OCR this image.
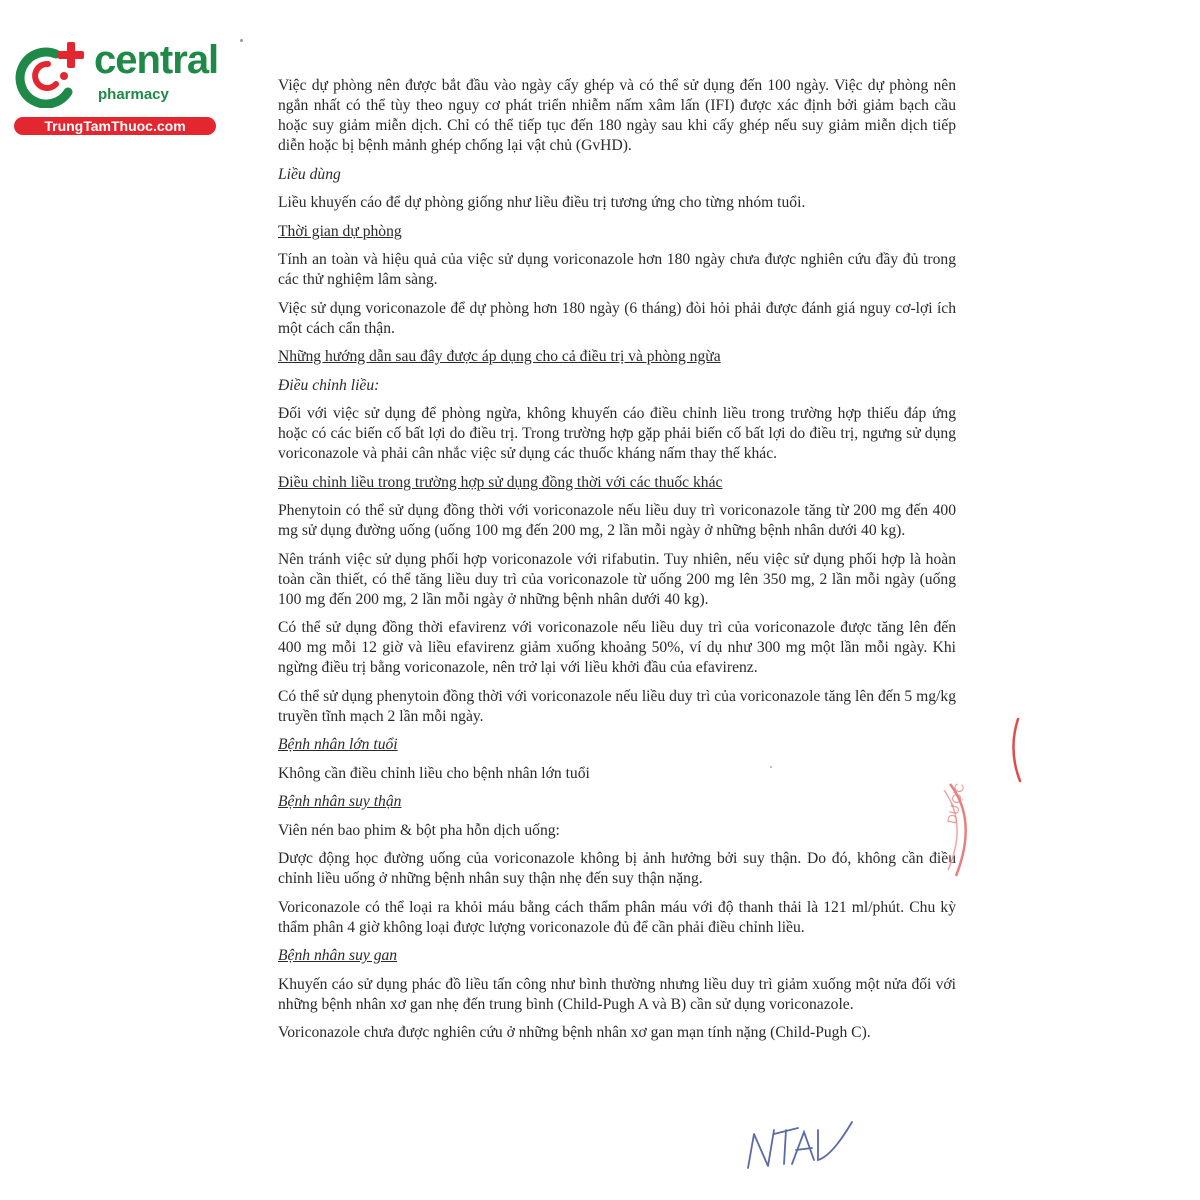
central
pharmacy
TrungTamThuoc.com

Việc dự phòng nên được bắt đầu vào ngày cấy ghép và có thể sử dụng đến 100 ngày. Việc dự phòng nên ngắn nhất có thể tùy theo nguy cơ phát triển nhiễm nấm xâm lấn (IFI) được xác định bởi giảm bạch cầu hoặc suy giảm miễn dịch. Chỉ có thể tiếp tục đến 180 ngày sau khi cấy ghép nếu suy giảm miễn dịch tiếp diễn hoặc bị bệnh mảnh ghép chống lại vật chủ (GvHD).

Liều dùng

Liều khuyến cáo để dự phòng giống như liều điều trị tương ứng cho từng nhóm tuổi.

Thời gian dự phòng

Tính an toàn và hiệu quả của việc sử dụng voriconazole hơn 180 ngày chưa được nghiên cứu đầy đủ trong các thử nghiệm lâm sàng.

Việc sử dụng voriconazole để dự phòng hơn 180 ngày (6 tháng) đòi hỏi phải được đánh giá nguy cơ-lợi ích một cách cẩn thận.

Những hướng dẫn sau đây được áp dụng cho cả điều trị và phòng ngừa

Điều chỉnh liều:

Đối với việc sử dụng để phòng ngừa, không khuyến cáo điều chỉnh liều trong trường hợp thiếu đáp ứng hoặc có các biến cố bất lợi do điều trị. Trong trường hợp gặp phải biến cố bất lợi do điều trị, ngưng sử dụng voriconazole và phải cân nhắc việc sử dụng các thuốc kháng nấm thay thế khác.

Điều chỉnh liều trong trường hợp sử dụng đồng thời với các thuốc khác

Phenytoin có thể sử dụng đồng thời với voriconazole nếu liều duy trì voriconazole tăng từ 200 mg đến 400 mg sử dụng đường uống (uống 100 mg đến 200 mg, 2 lần mỗi ngày ở những bệnh nhân dưới 40 kg).

Nên tránh việc sử dụng phối hợp voriconazole với rifabutin. Tuy nhiên, nếu việc sử dụng phối hợp là hoàn toàn cần thiết, có thể tăng liều duy trì của voriconazole từ uống 200 mg lên 350 mg, 2 lần mỗi ngày (uống 100 mg đến 200 mg, 2 lần mỗi ngày ở những bệnh nhân dưới 40 kg).

Có thể sử dụng đồng thời efavirenz với voriconazole nếu liều duy trì của voriconazole được tăng lên đến 400 mg mỗi 12 giờ và liều efavirenz giảm xuống khoảng 50%, ví dụ như 300 mg một lần mỗi ngày. Khi ngừng điều trị bằng voriconazole, nên trở lại với liều khởi đầu của efavirenz.

Có thể sử dụng phenytoin đồng thời với voriconazole nếu liều duy trì của voriconazole tăng lên đến 5 mg/kg truyền tĩnh mạch 2 lần mỗi ngày.

Bệnh nhân lớn tuổi

Không cần điều chỉnh liều cho bệnh nhân lớn tuổi

Bệnh nhân suy thận

Viên nén bao phim & bột pha hỗn dịch uống:

Dược động học đường uống của voriconazole không bị ảnh hưởng bởi suy thận. Do đó, không cần điều chỉnh liều uống ở những bệnh nhân suy thận nhẹ đến suy thận nặng.

Voriconazole có thể loại ra khỏi máu bằng cách thẩm phân máu với độ thanh thải là 121 ml/phút. Chu kỳ thẩm phân 4 giờ không loại được lượng voriconazole đủ để cần phải điều chỉnh liều.

Bệnh nhân suy gan

Khuyến cáo sử dụng phác đồ liều tấn công như bình thường nhưng liều duy trì giảm xuống một nửa đối với những bệnh nhân xơ gan nhẹ đến trung bình (Child-Pugh A và B) cần sử dụng voriconazole.

Voriconazole chưa được nghiên cứu ở những bệnh nhân xơ gan mạn tính nặng (Child-Pugh C).

DƯỢC
